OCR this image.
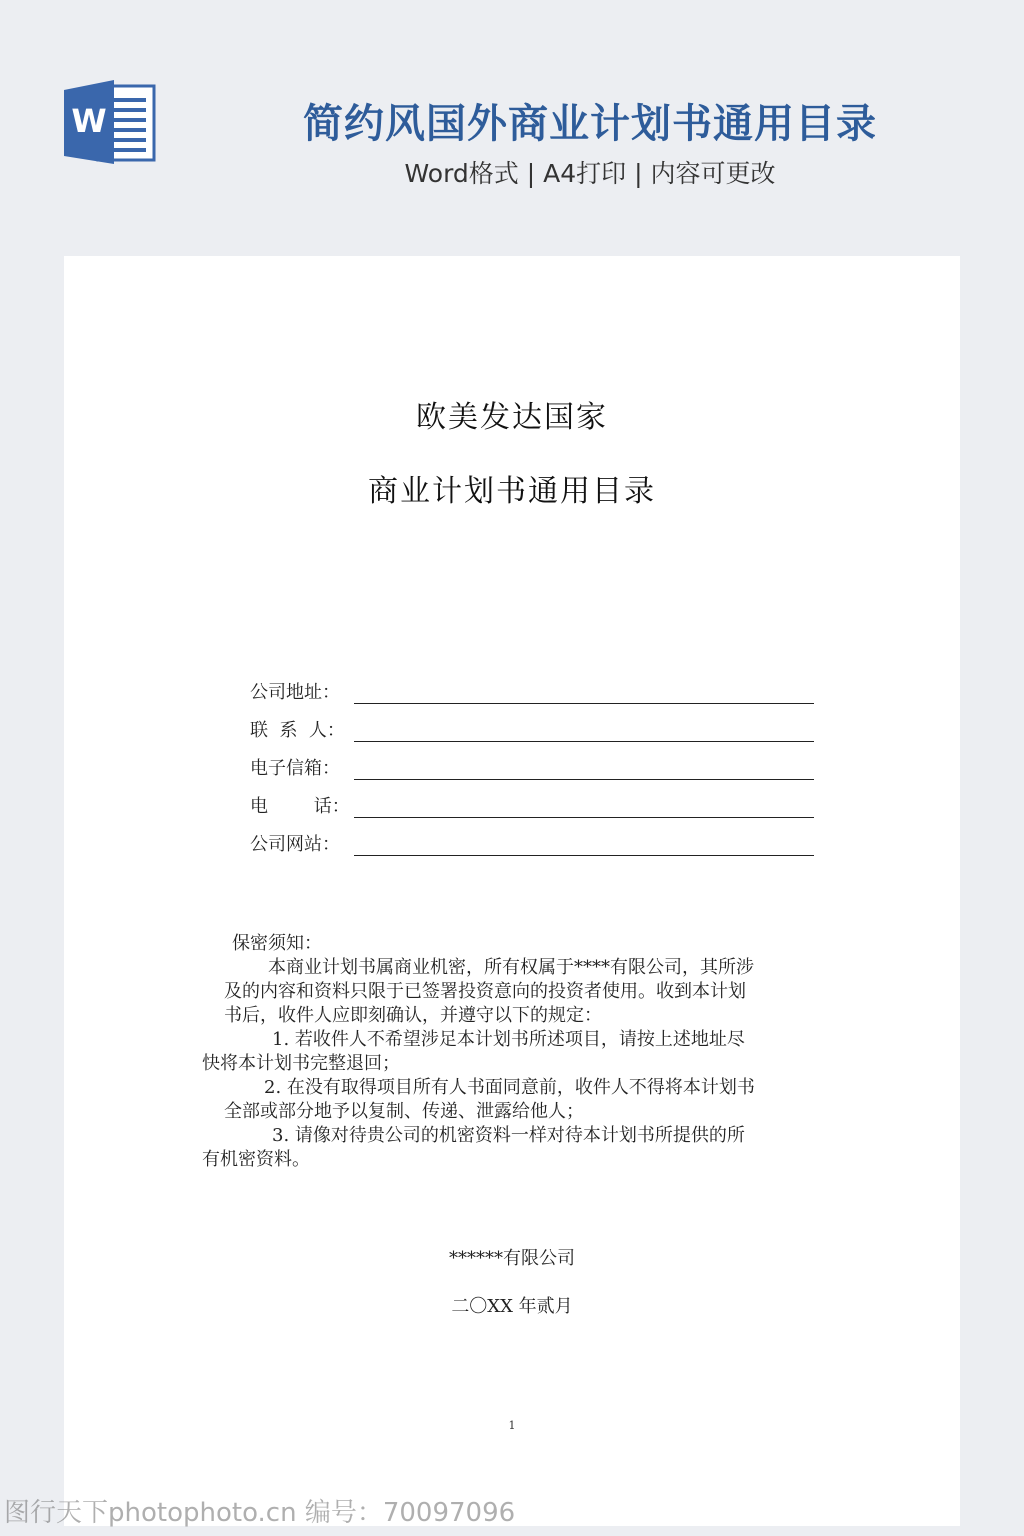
W	简约风国外商业计划书通用目录
Word格式 | A4打印 | 内容可更改
欧美发达国家
商业计划书通用目录
公司地址：
联  系  人：
电子信箱：
电        话：
公司网站：
保密须知：
本商业计划书属商业机密，所有权属于****有限公司，其所涉
及的内容和资料只限于已签署投资意向的投资者使用。收到本计划
书后，收件人应即刻确认，并遵守以下的规定：
1. 若收件人不希望涉足本计划书所述项目，请按上述地址尽
快将本计划书完整退回；
2. 在没有取得项目所有人书面同意前，收件人不得将本计划书
全部或部分地予以复制、传递、泄露给他人；
3. 请像对待贵公司的机密资料一样对待本计划书所提供的所
有机密资料。
******有限公司
二〇XX 年贰月
1
图行天下photophoto.cn 编号：70097096
